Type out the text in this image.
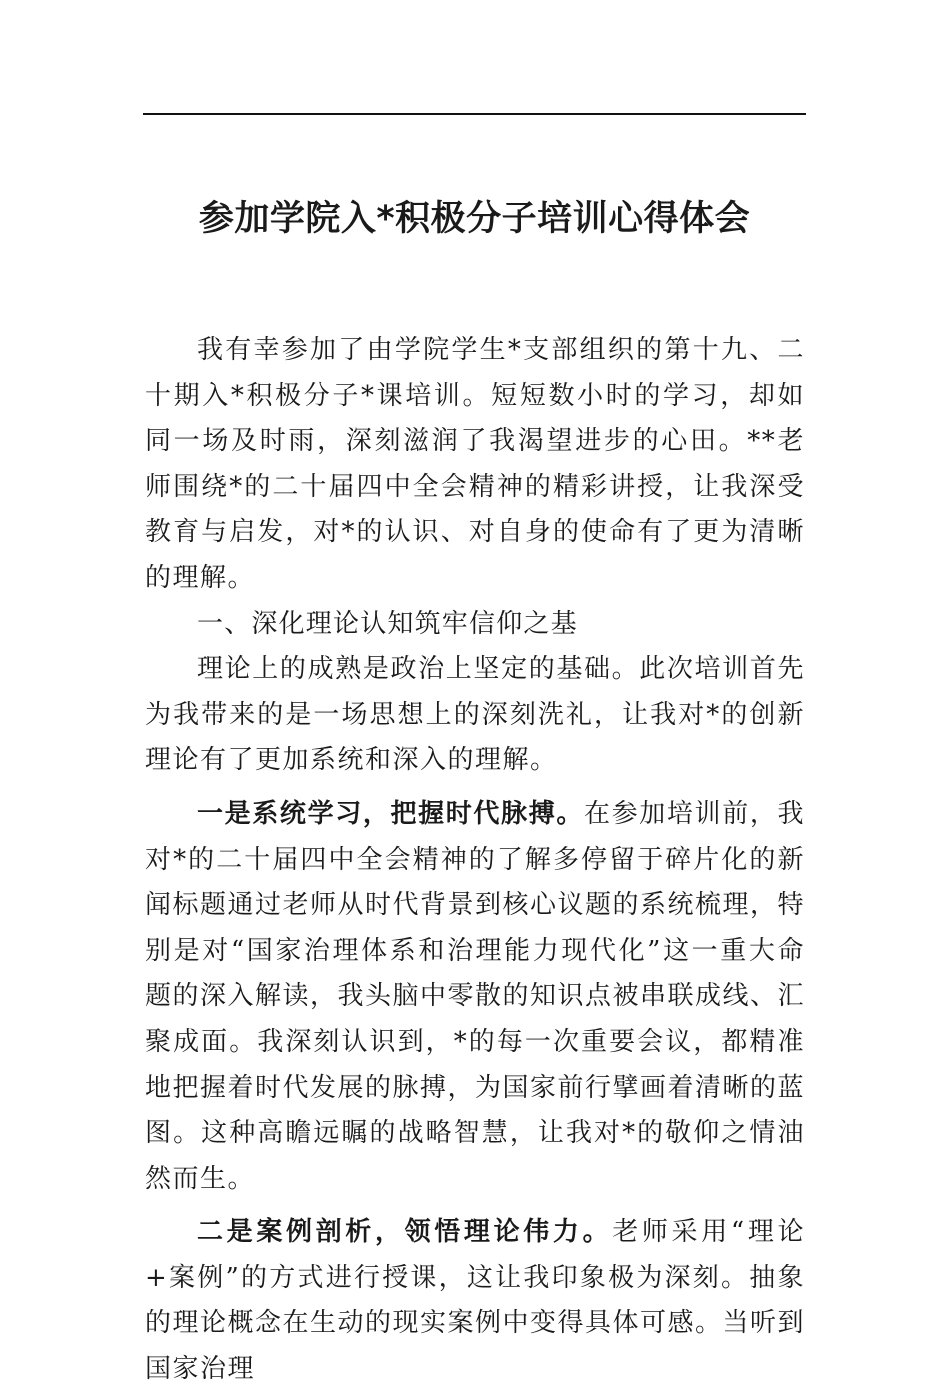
参加学院入*积极分子培训心得体会

我有幸参加了由学院学生*支部组织的第十九、二十期入*积极分子*课培训。短短数小时的学习，却如同一场及时雨，深刻滋润了我渴望进步的心田。**老师围绕*的二十届四中全会精神的精彩讲授，让我深受教育与启发，对*的认识、对自身的使命有了更为清晰的理解。

一、深化理论认知筑牢信仰之基

理论上的成熟是政治上坚定的基础。此次培训首先为我带来的是一场思想上的深刻洗礼，让我对*的创新理论有了更加系统和深入的理解。

一是系统学习，把握时代脉搏。在参加培训前，我对*的二十届四中全会精神的了解多停留于碎片化的新闻标题通过老师从时代背景到核心议题的系统梳理，特别是对“国家治理体系和治理能力现代化”这一重大命题的深入解读，我头脑中零散的知识点被串联成线、汇聚成面。我深刻认识到，*的每一次重要会议，都精准地把握着时代发展的脉搏，为国家前行擘画着清晰的蓝图。这种高瞻远瞩的战略智慧，让我对*的敬仰之情油然而生。

二是案例剖析，领悟理论伟力。老师采用“理论+案例”的方式进行授课，这让我印象极为深刻。抽象的理论概念在生动的现实案例中变得具体可感。当听到国家治理
